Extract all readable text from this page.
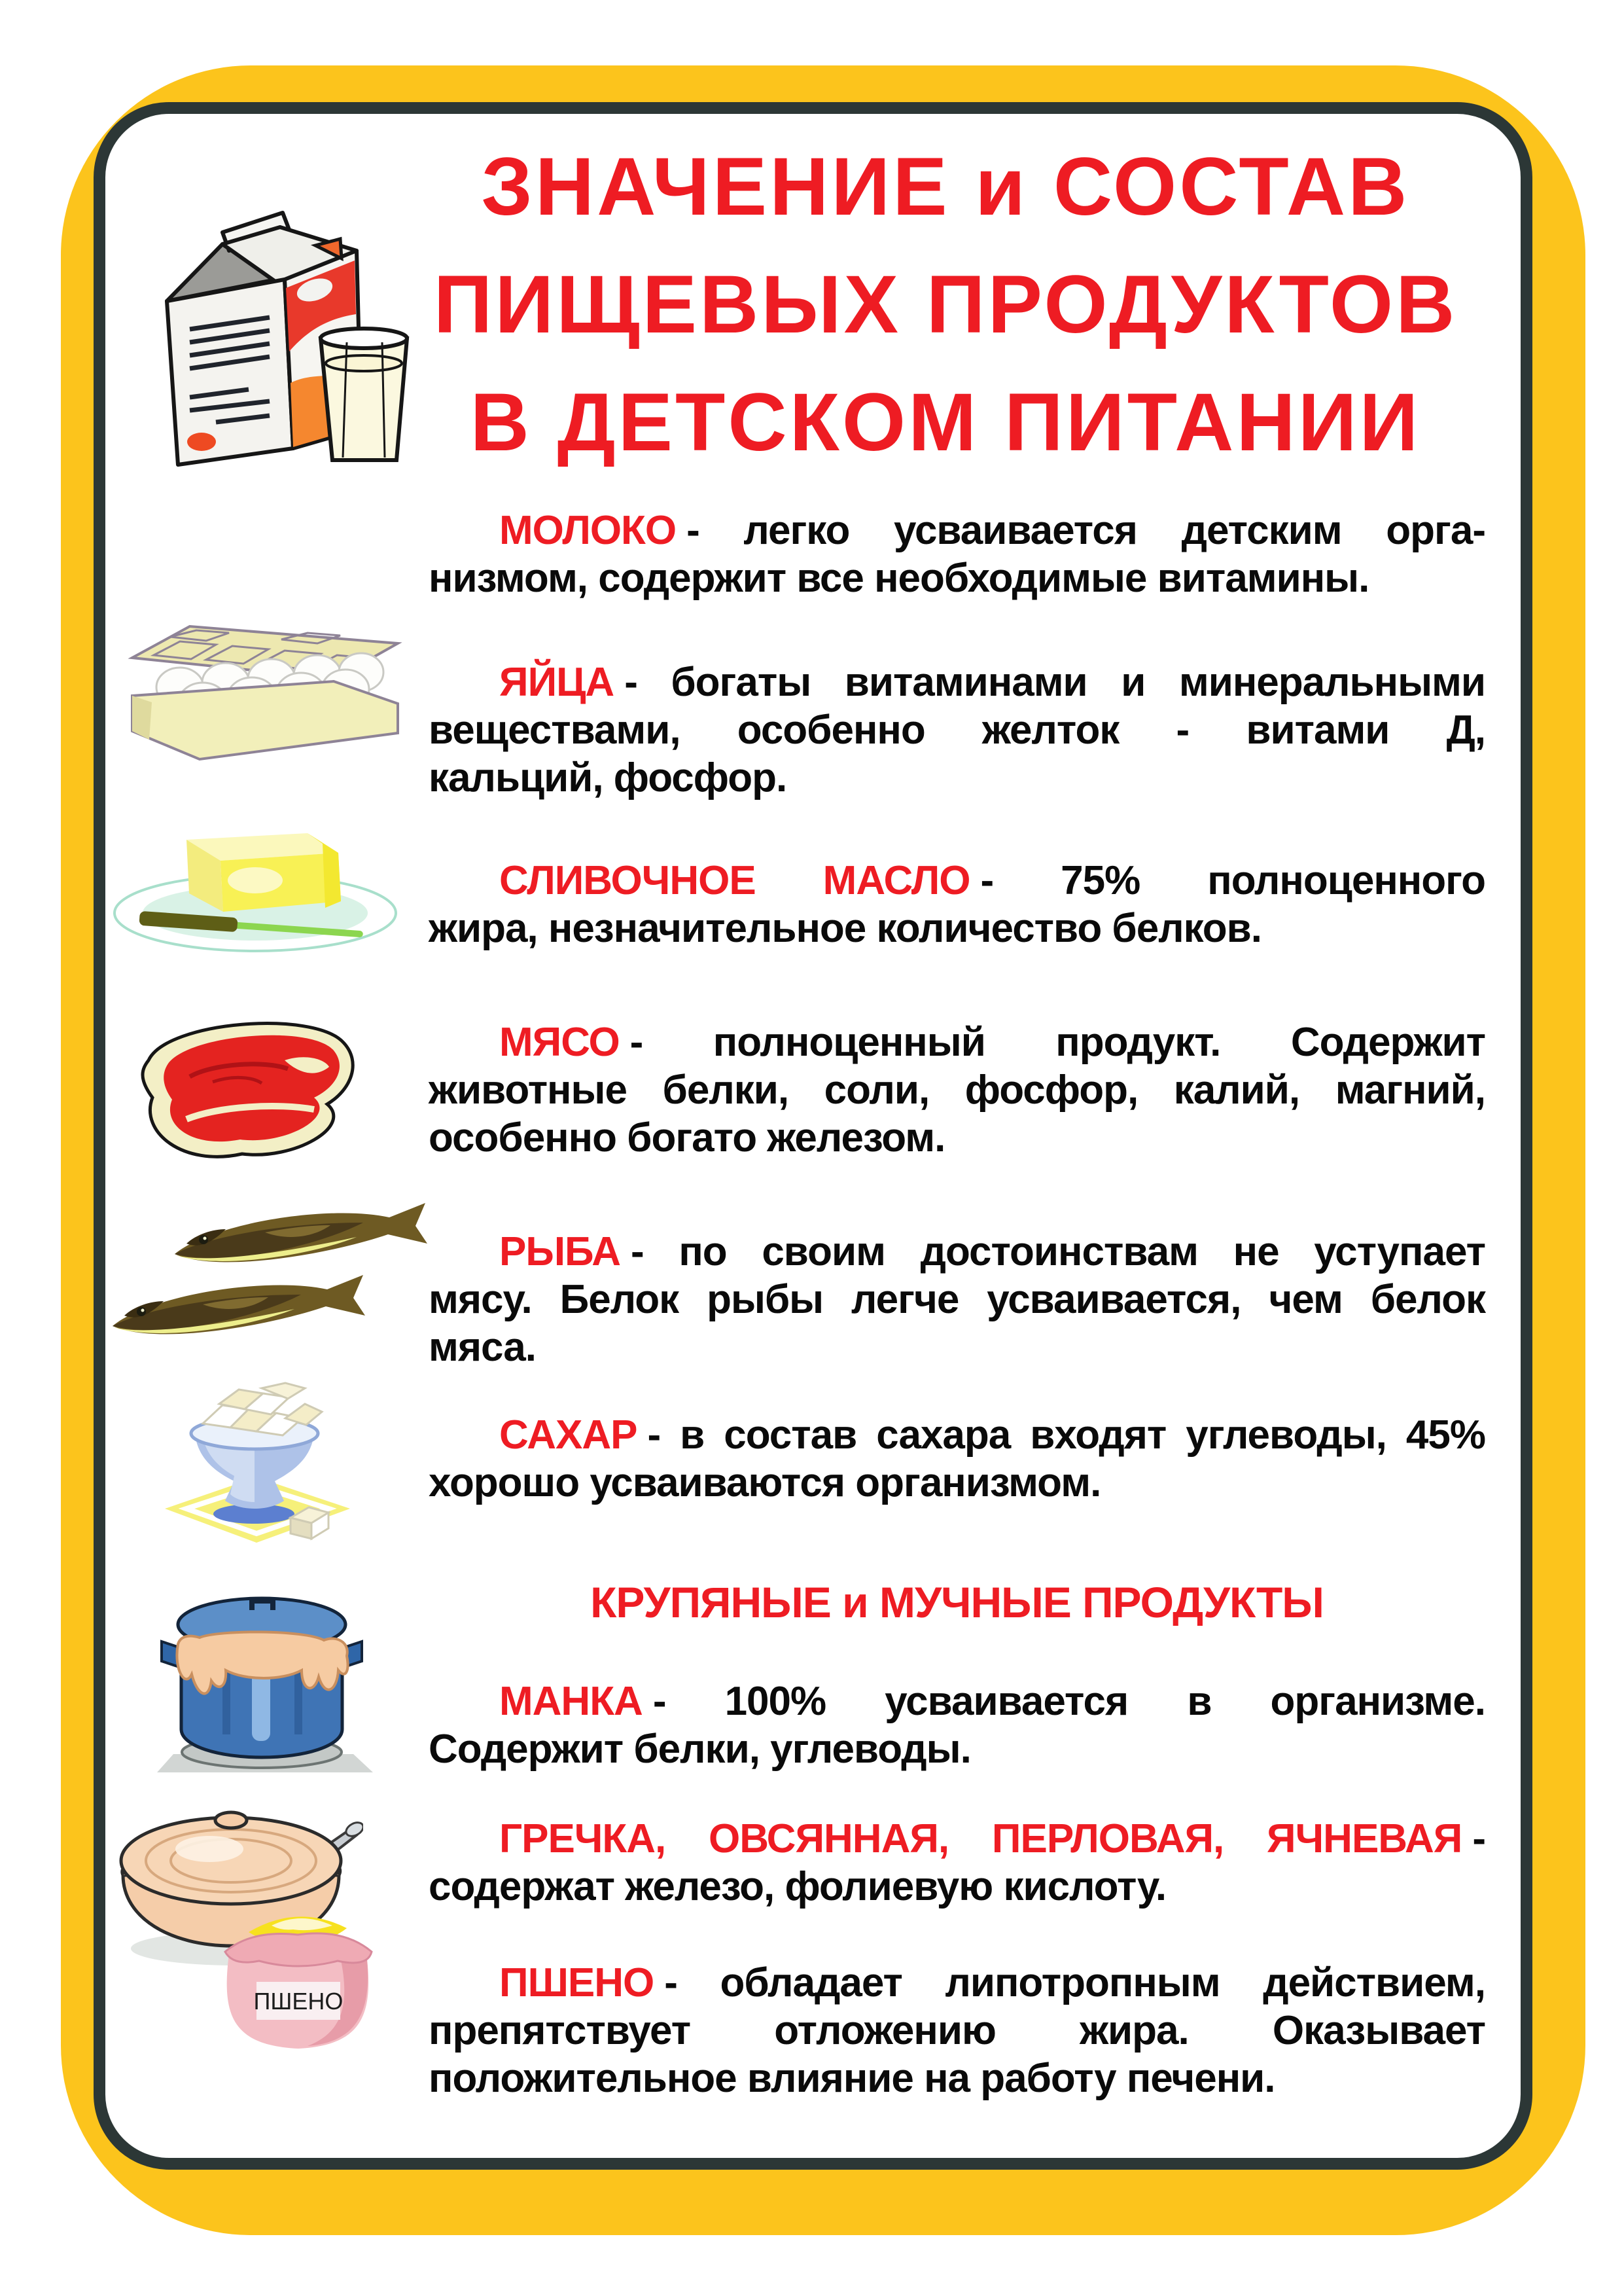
ЗНАЧЕНИЕ и СОСТАВ
ПИЩЕВЫХ ПРОДУКТОВ
В ДЕТСКОМ ПИТАНИИ
МОЛОКО - легко усваивается детским орга-
низмом, содержит все необходимые витамины.
ЯЙЦА - богаты витаминами и минеральными
веществами, особенно желток - витами Д,
кальций, фосфор.
СЛИВОЧНОЕ МАСЛО - 75% полноценного
жира, незначительное количество белков.
МЯСО - полноценный продукт. Содержит
животные белки, соли, фосфор, калий, магний,
особенно богато железом.
РЫБА - по своим достоинствам не уступает
мясу. Белок рыбы легче усваивается, чем белок
мяса.
САХАР - в состав сахара входят углеводы, 45%
хорошо усваиваются организмом.
КРУПЯНЫЕ и МУЧНЫЕ ПРОДУКТЫ
МАНКА - 100% усваивается в организме.
Содержит белки, углеводы.
ГРЕЧКА, ОВСЯННАЯ, ПЕРЛОВАЯ, ЯЧНЕВАЯ -
содержат железо, фолиевую кислоту.
ПШЕНО - обладает липотропным действием,
препятствует отложению жира. Оказывает
положительное влияние на работу печени.
ПШЕНО
